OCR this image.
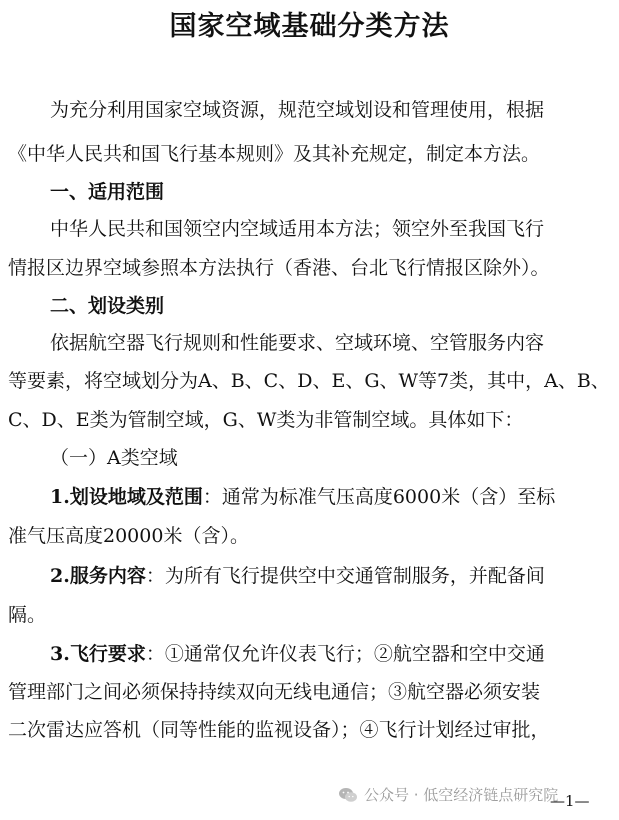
国家空域基础分类方法
为充分利用国家空域资源，规范空域划设和管理使用，根据
《中华人民共和国飞行基本规则》及其补充规定，制定本方法。
一、适用范围
中华人民共和国领空内空域适用本方法；领空外至我国飞行
情报区边界空域参照本方法执行（香港、台北飞行情报区除外）。
二、划设类别
依据航空器飞行规则和性能要求、空域环境、空管服务内容
等要素，将空域划分为A、B、C、D、E、G、W等7类，其中，A、B、
C、D、E类为管制空域，G、W类为非管制空域。具体如下：
（一）A类空域
1.划设地域及范围：通常为标准气压高度6000米（含）至标
准气压高度20000米（含）。
2.服务内容：为所有飞行提供空中交通管制服务，并配备间
隔。
3.飞行要求：①通常仅允许仪表飞行；②航空器和空中交通
管理部门之间必须保持持续双向无线电通信；③航空器必须安装
二次雷达应答机（同等性能的监视设备）；④飞行计划经过审批，
公众号 · 低空经济链点研究院
—1—
